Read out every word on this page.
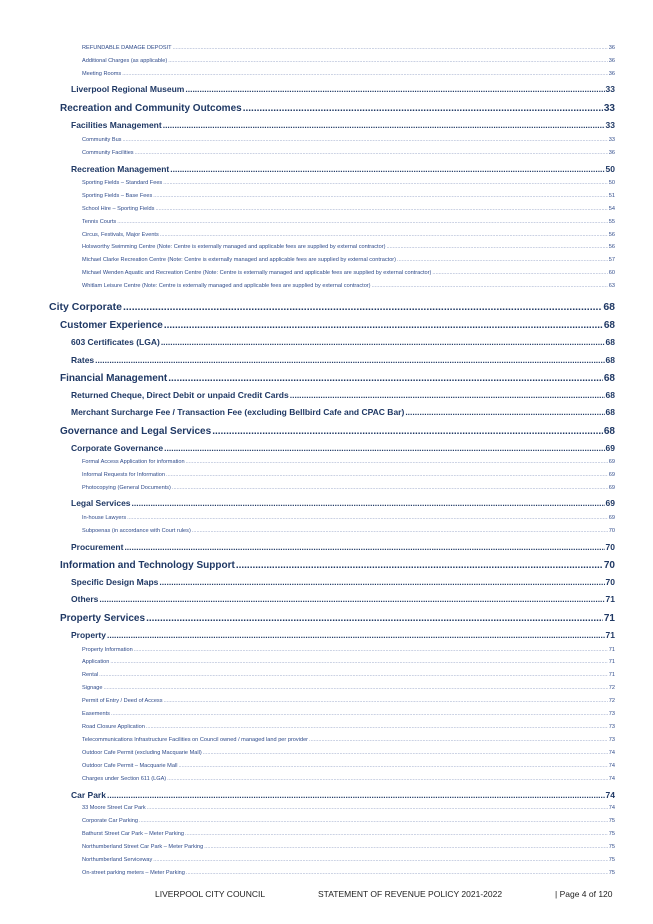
REFUNDABLE DAMAGE DEPOSIT .....	36
Additional Charges (as applicable) .....	36
Meeting Rooms .....	36
Liverpool Regional Museum .....	33
Recreation and Community Outcomes .....	33
Facilities Management .....	33
Community Bus .....	33
Community Facilities .....	36
Recreation Management .....	50
Sporting Fields – Standard Fees .....	50
Sporting Fields – Base Fees .....	51
School Hire – Sporting Fields .....	54
Tennis Courts .....	55
Circus, Festivals, Major Events .....	56
Holsworthy Swimming Centre (Note: Centre is externally managed and applicable fees are supplied by external contractor) .....	56
Michael Clarke Recreation Centre (Note: Centre is externally managed and applicable fees are supplied by external contractor) .....	57
Michael Wenden Aquatic and Recreation Centre (Note: Centre is externally managed and applicable fees are supplied by external contractor) .....	60
Whitlam Leisure Centre (Note: Centre is externally managed and applicable fees are supplied by external contractor) .....	63
City Corporate .....	68
Customer Experience .....	68
603 Certificates (LGA) .....	68
Rates .....	68
Financial Management .....	68
Returned Cheque, Direct Debit or unpaid Credit Cards .....	68
Merchant Surcharge Fee / Transaction Fee (excluding Bellbird Cafe and CPAC Bar) .....	68
Governance and Legal Services .....	68
Corporate Governance .....	69
Formal Access Application for information .....	69
Informal Requests for Information .....	69
Photocopying (General Documents) .....	69
Legal Services .....	69
In-house Lawyers .....	69
Subpoenas (in accordance with Court rules) .....	70
Procurement .....	70
Information and Technology Support .....	70
Specific Design Maps .....	70
Others .....	71
Property Services .....	71
Property .....	71
Property Information .....	71
Application .....	71
Rental .....	71
Signage .....	72
Permit of Entry / Deed of Access .....	72
Easements .....	73
Road Closure Application .....	73
Telecommunications Infrastructure Facilities on Council owned / managed land per provider .....	73
Outdoor Cafe Permit (excluding Macquarie Mall) .....	74
Outdoor Cafe Permit – Macquarie Mall .....	74
Charges under Section 611 (LGA) .....	74
Car Park .....	74
33 Moore Street Car Park .....	74
Corporate Car Parking .....	75
Bathurst Street Car Park – Meter Parking .....	75
Northumberland Street Car Park – Meter Parking .....	75
Northumberland Serviceway .....	75
On-street parking meters – Meter Parking .....	75
LIVERPOOL CITY COUNCIL	STATEMENT OF REVENUE POLICY 2021-2022	| Page 4 of 120
